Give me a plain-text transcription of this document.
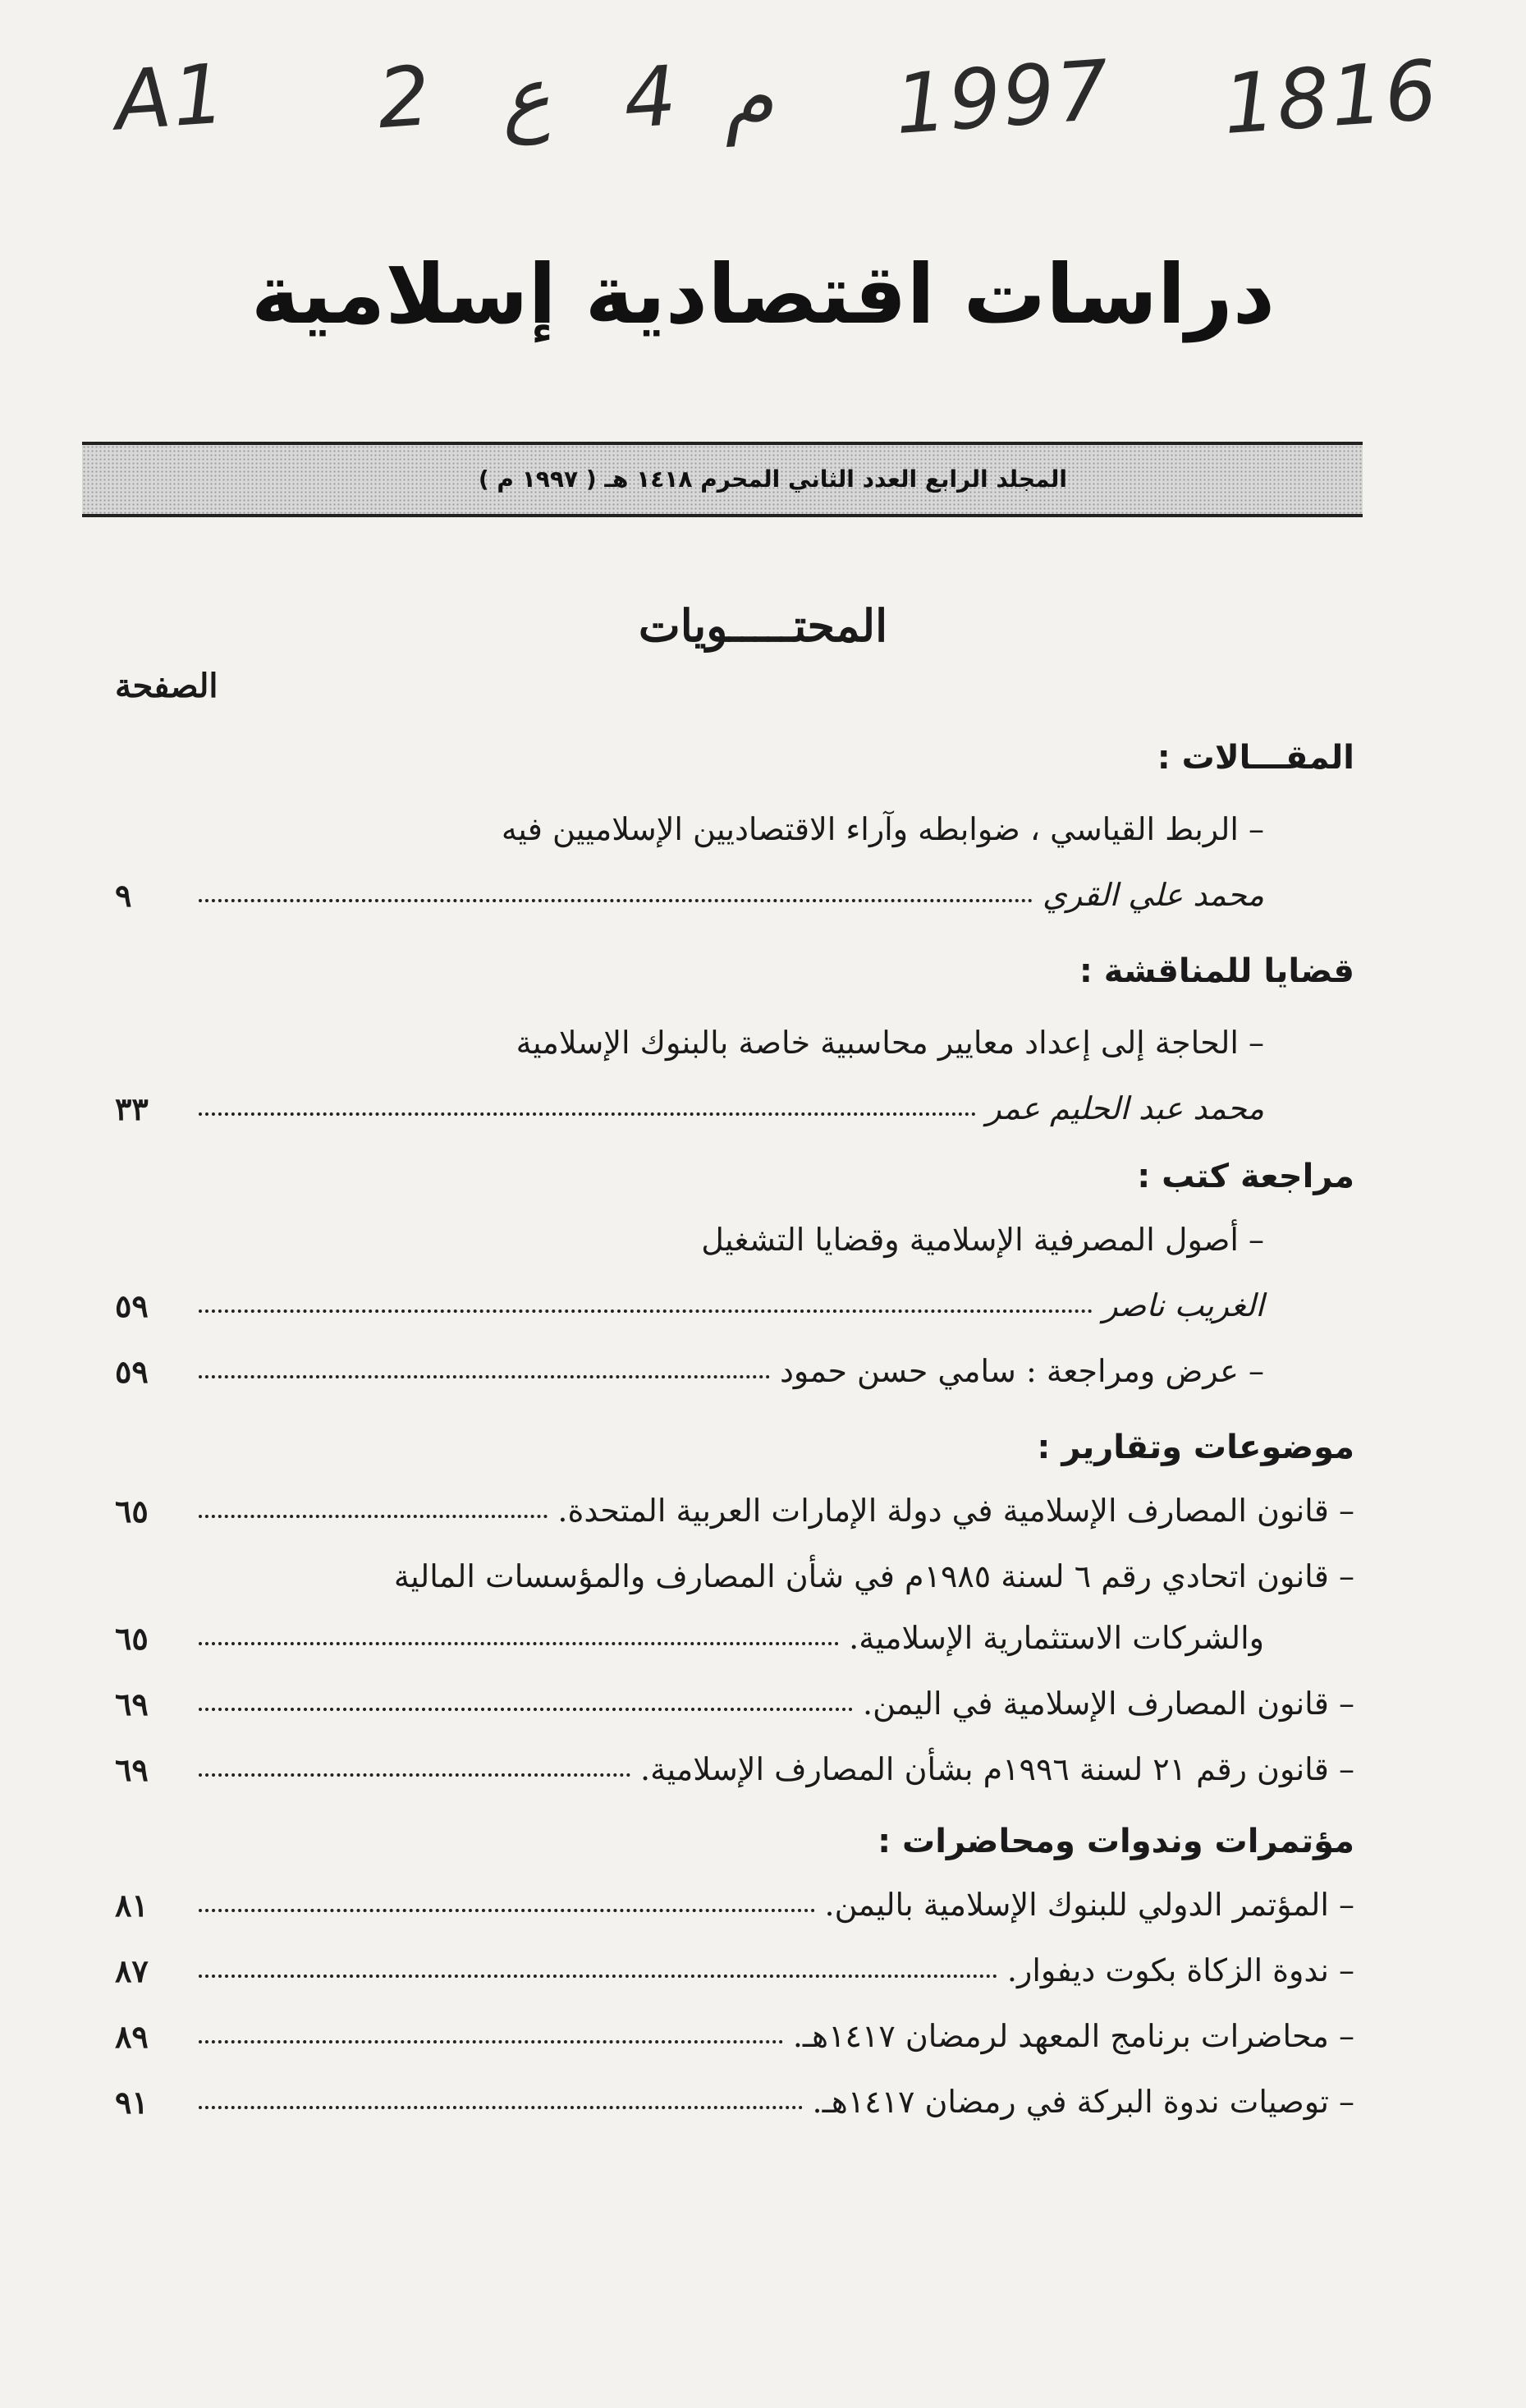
A1 2 ع 4 م 1997 1816
دراسات اقتصادية إسلامية
المجلد الرابع العدد الثاني المحرم ١٤١٨ هـ ( ١٩٩٧ م )
المحتـــــويات
الصفحة
المقـــالات :
– الربط القياسي ، ضوابطه وآراء الاقتصاديين الإسلاميين فيه
محمد علي القري
٩
قضايا للمناقشة :
– الحاجة إلى إعداد معايير محاسبية خاصة بالبنوك الإسلامية
محمد عبد الحليم عمر
٣٣
مراجعة كتب :
– أصول المصرفية الإسلامية وقضايا التشغيل
الغريب ناصر
٥٩
– عرض ومراجعة : سامي حسن حمود
٥٩
موضوعات وتقارير :
– قانون المصارف الإسلامية في دولة الإمارات العربية المتحدة.
٦٥
– قانون اتحادي رقم ٦ لسنة ١٩٨٥م في شأن المصارف والمؤسسات المالية
والشركات الاستثمارية الإسلامية.
٦٥
– قانون المصارف الإسلامية في اليمن.
٦٩
– قانون رقم ٢١ لسنة ١٩٩٦م بشأن المصارف الإسلامية.
٦٩
مؤتمرات وندوات ومحاضرات :
– المؤتمر الدولي للبنوك الإسلامية باليمن.
٨١
– ندوة الزكاة بكوت ديفوار.
٨٧
– محاضرات برنامج المعهد لرمضان ١٤١٧هـ.
٨٩
– توصيات ندوة البركة في رمضان ١٤١٧هـ.
٩١
